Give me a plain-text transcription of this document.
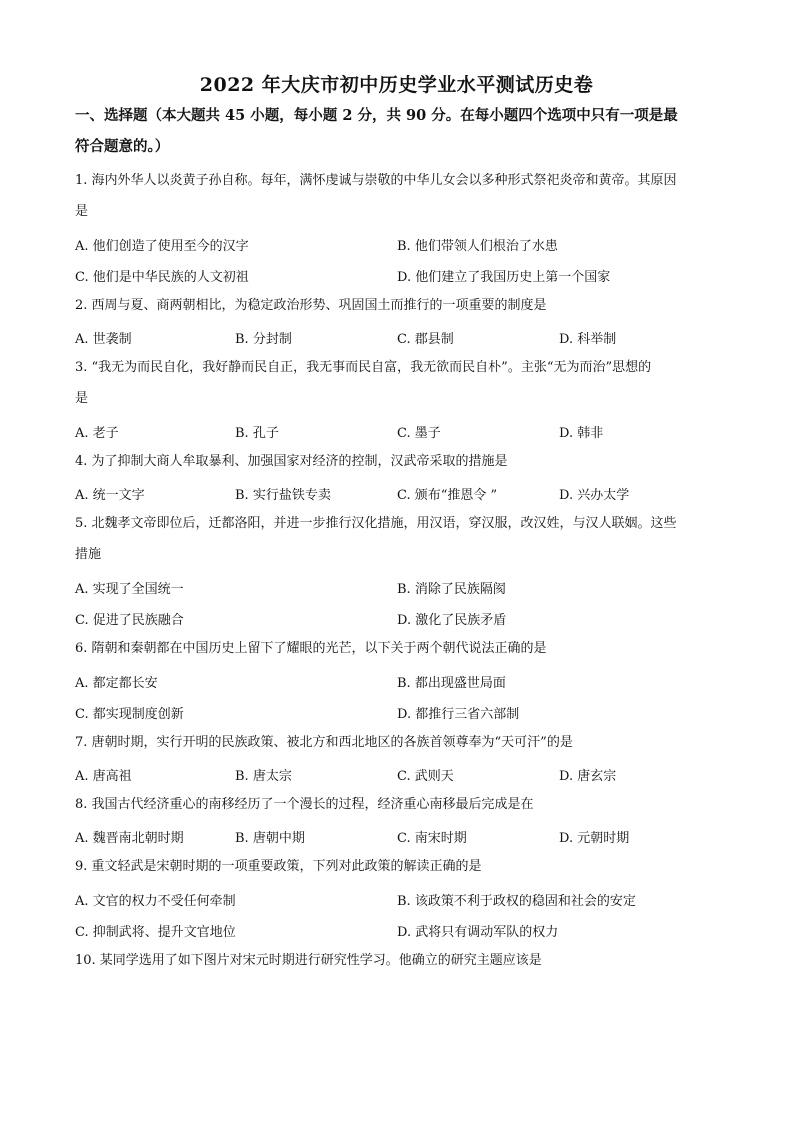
2022 年大庆市初中历史学业水平测试历史卷
一、选择题（本大题共 45 小题，每小题 2 分，共 90 分。在每小题四个选项中只有一项是最
符合题意的。）
1. 海内外华人以炎黄子孙自称。每年，满怀虔诚与崇敬的中华儿女会以多种形式祭祀炎帝和黄帝。其原因
是
A. 他们创造了使用至今的汉字	B. 他们带领人们根治了水患
C. 他们是中华民族的人文初祖	D. 他们建立了我国历史上第一个国家
2. 西周与夏、商两朝相比，为稳定政治形势、巩固国土而推行的一项重要的制度是
A. 世袭制	B. 分封制	C. 郡县制	D. 科举制
3. “我无为而民自化，我好静而民自正，我无事而民自富，我无欲而民自朴”。主张“无为而治”思想的
是
A. 老子	B. 孔子	C. 墨子	D. 韩非
4. 为了抑制大商人牟取暴利、加强国家对经济的控制，汉武帝采取的措施是
A. 统一文字	B. 实行盐铁专卖	C. 颁布“推恩令 ”	D. 兴办太学
5. 北魏孝文帝即位后，迁都洛阳，并进一步推行汉化措施，用汉语，穿汉服，改汉姓，与汉人联姻。这些
措施
A. 实现了全国统一	B. 消除了民族隔阂
C. 促进了民族融合	D. 激化了民族矛盾
6. 隋朝和秦朝都在中国历史上留下了耀眼的光芒，以下关于两个朝代说法正确的是
A. 都定都长安	B. 都出现盛世局面
C. 都实现制度创新	D. 都推行三省六部制
7. 唐朝时期，实行开明的民族政策、被北方和西北地区的各族首领尊奉为“天可汗”的是
A. 唐高祖	B. 唐太宗	C. 武则天	D. 唐玄宗
8. 我国古代经济重心的南移经历了一个漫长的过程，经济重心南移最后完成是在
A. 魏晋南北朝时期	B. 唐朝中期	C. 南宋时期	D. 元朝时期
9. 重文轻武是宋朝时期的一项重要政策，下列对此政策的解读正确的是
A. 文官的权力不受任何牵制	B. 该政策不利于政权的稳固和社会的安定
C. 抑制武将、提升文官地位	D. 武将只有调动军队的权力
10. 某同学选用了如下图片对宋元时期进行研究性学习。他确立的研究主题应该是
